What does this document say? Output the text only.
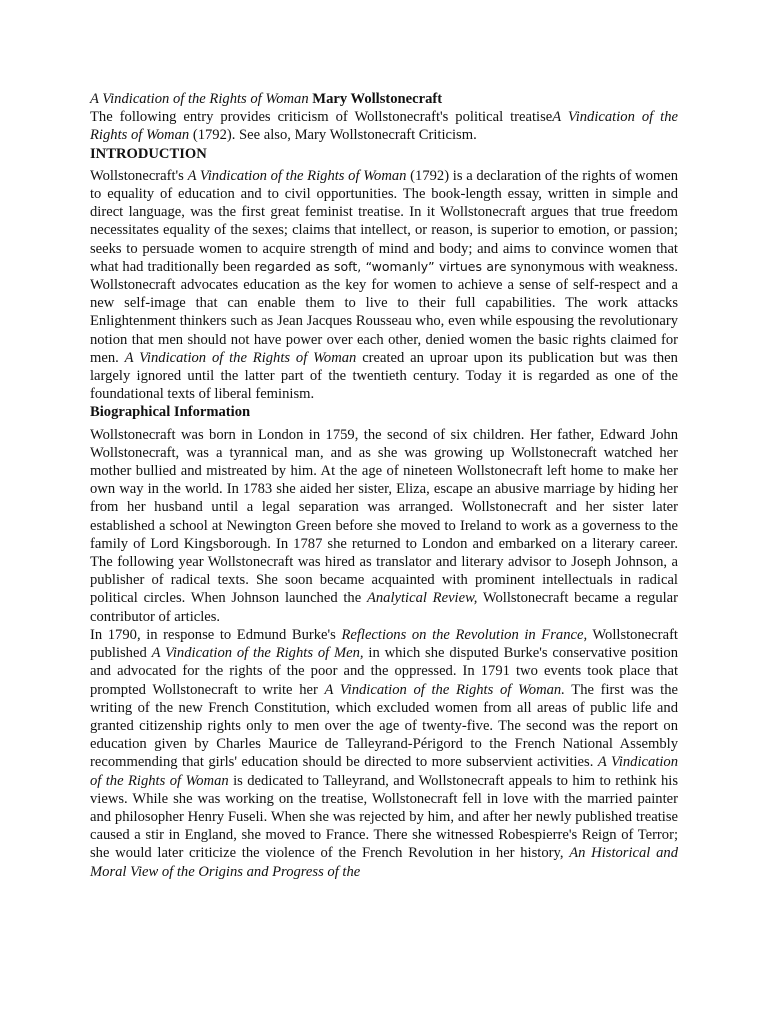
A Vindication of the Rights of Woman Mary Wollstonecraft

The following entry provides criticism of Wollstonecraft's political treatiseA Vindication of the Rights of Woman (1792). See also, Mary Wollstonecraft Criticism.

INTRODUCTION

Wollstonecraft's A Vindication of the Rights of Woman (1792) is a declaration of the rights of women to equality of education and to civil opportunities. The book-length essay, written in simple and direct language, was the first great feminist treatise. In it Wollstonecraft argues that true freedom necessitates equality of the sexes; claims that intellect, or reason, is superior to emotion, or passion; seeks to persuade women to acquire strength of mind and body; and aims to convince women that what had traditionally been regarded as soft, “womanly” virtues are synonymous with weakness. Wollstonecraft advocates education as the key for women to achieve a sense of self-respect and a new self-image that can enable them to live to their full capabilities. The work attacks Enlightenment thinkers such as Jean Jacques Rousseau who, even while espousing the revolutionary notion that men should not have power over each other, denied women the basic rights claimed for men. A Vindication of the Rights of Woman created an uproar upon its publication but was then largely ignored until the latter part of the twentieth century. Today it is regarded as one of the foundational texts of liberal feminism.

Biographical Information

Wollstonecraft was born in London in 1759, the second of six children. Her father, Edward John Wollstonecraft, was a tyrannical man, and as she was growing up Wollstonecraft watched her mother bullied and mistreated by him. At the age of nineteen Wollstonecraft left home to make her own way in the world. In 1783 she aided her sister, Eliza, escape an abusive marriage by hiding her from her husband until a legal separation was arranged. Wollstonecraft and her sister later established a school at Newington Green before she moved to Ireland to work as a governess to the family of Lord Kingsborough. In 1787 she returned to London and embarked on a literary career. The following year Wollstonecraft was hired as translator and literary advisor to Joseph Johnson, a publisher of radical texts. She soon became acquainted with prominent intellectuals in radical political circles. When Johnson launched the Analytical Review, Wollstonecraft became a regular contributor of articles.

In 1790, in response to Edmund Burke's Reflections on the Revolution in France, Wollstonecraft published A Vindication of the Rights of Men, in which she disputed Burke's conservative position and advocated for the rights of the poor and the oppressed. In 1791 two events took place that prompted Wollstonecraft to write her A Vindication of the Rights of Woman. The first was the writing of the new French Constitution, which excluded women from all areas of public life and granted citizenship rights only to men over the age of twenty-five. The second was the report on education given by Charles Maurice de Talleyrand-Périgord to the French National Assembly recommending that girls' education should be directed to more subservient activities. A Vindication of the Rights of Woman is dedicated to Talleyrand, and Wollstonecraft appeals to him to rethink his views. While she was working on the treatise, Wollstonecraft fell in love with the married painter and philosopher Henry Fuseli. When she was rejected by him, and after her newly published treatise caused a stir in England, she moved to France. There she witnessed Robespierre's Reign of Terror; she would later criticize the violence of the French Revolution in her history, An Historical and Moral View of the Origins and Progress of the
